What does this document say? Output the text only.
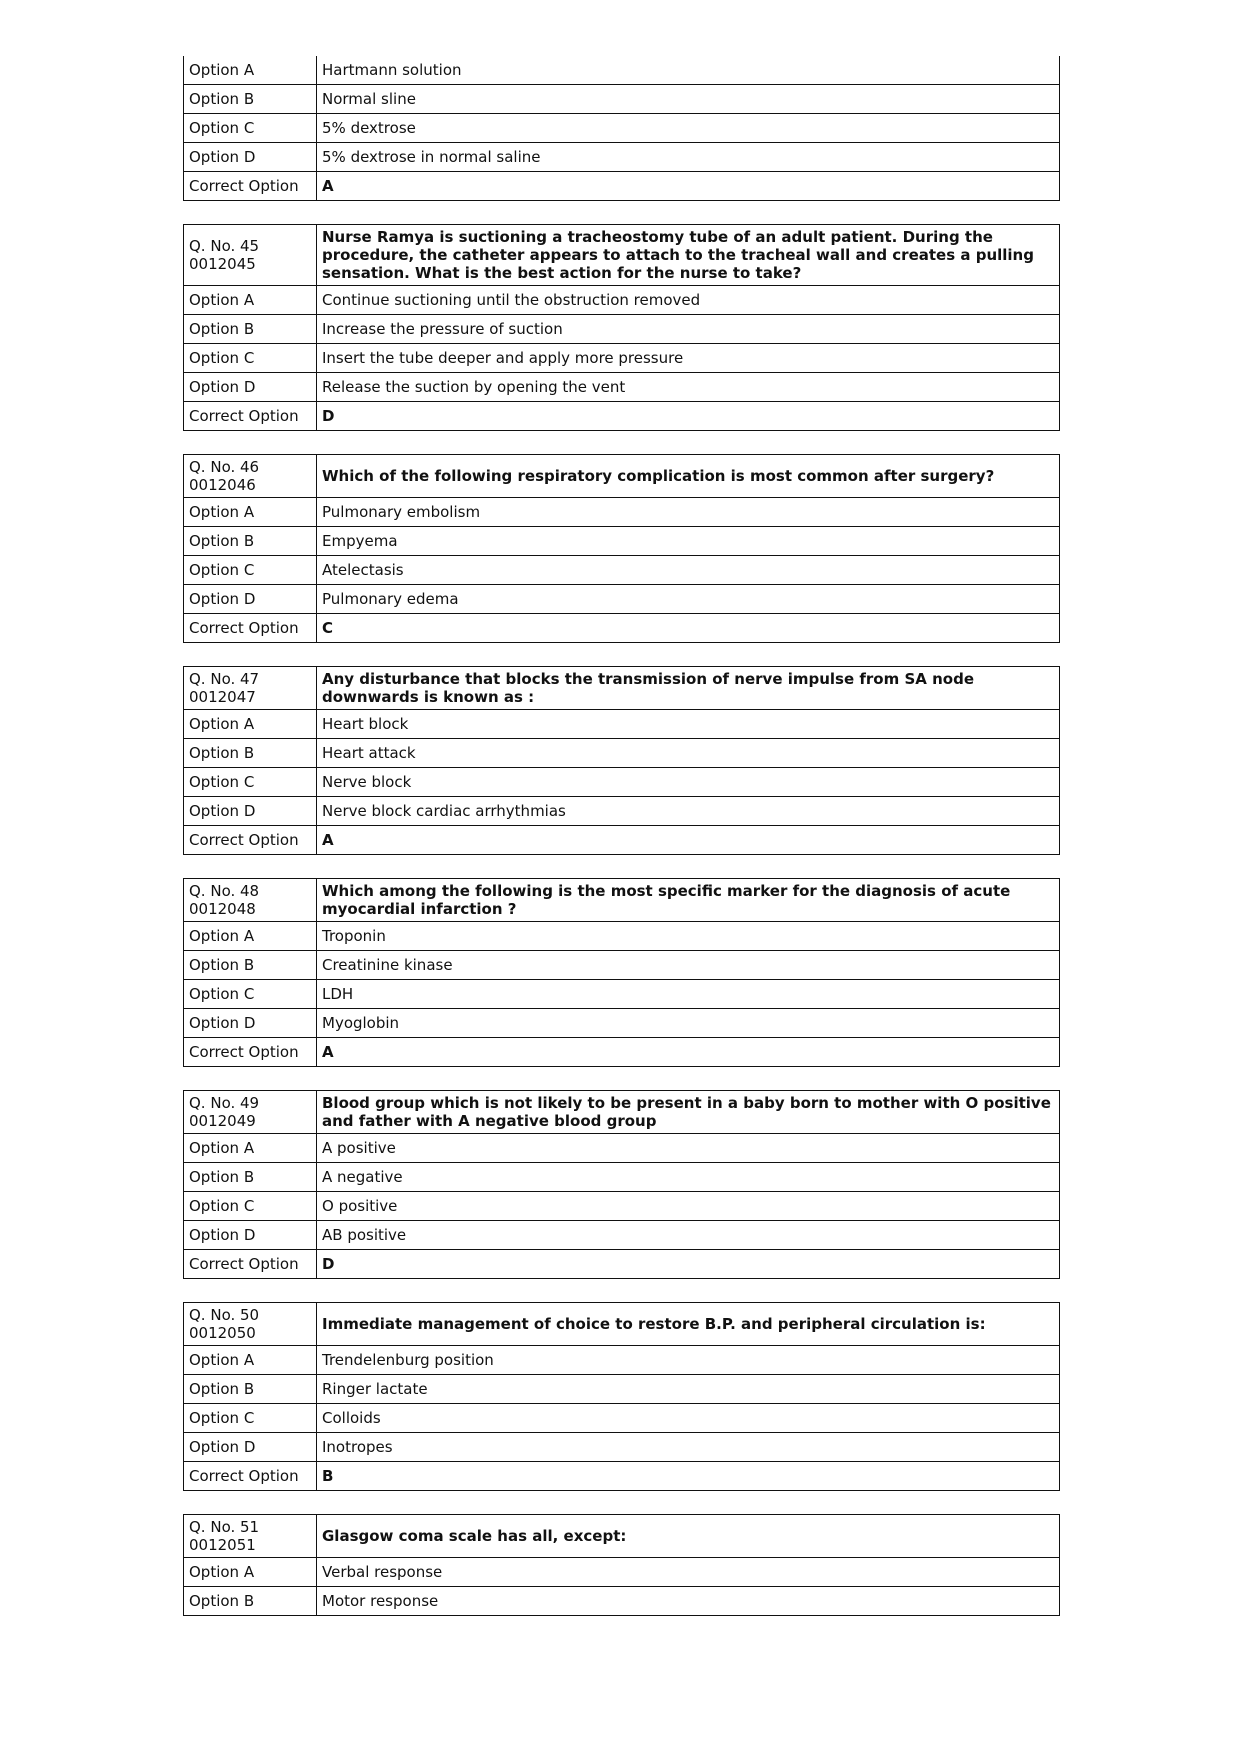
Option A	Hartmann solution
Option B	Normal sline
Option C	5% dextrose
Option D	5% dextrose in normal saline
Correct Option	A
Q. No. 45
0012045	Nurse Ramya is suctioning a tracheostomy tube of an adult patient. During the procedure, the catheter appears to attach to the tracheal wall and creates a pulling sensation. What is the best action for the nurse to take?
Option A	Continue suctioning until the obstruction removed
Option B	Increase the pressure of suction
Option C	Insert the tube deeper and apply more pressure
Option D	Release the suction by opening the vent
Correct Option	D
Q. No. 46
0012046	Which of the following respiratory complication is most common after surgery?
Option A	Pulmonary embolism
Option B	Empyema
Option C	Atelectasis
Option D	Pulmonary edema
Correct Option	C
Q. No. 47
0012047	Any disturbance that blocks the transmission of nerve impulse from SA node downwards is known as :
Option A	Heart block
Option B	Heart attack
Option C	Nerve block
Option D	Nerve block cardiac arrhythmias
Correct Option	A
Q. No. 48
0012048	Which among the following is the most specific marker for the diagnosis of acute myocardial infarction ?
Option A	Troponin
Option B	Creatinine kinase
Option C	LDH
Option D	Myoglobin
Correct Option	A
Q. No. 49
0012049	Blood group which is not likely to be present in a baby born to mother with O positive and father with A negative blood group
Option A	A positive
Option B	A negative
Option C	O positive
Option D	AB positive
Correct Option	D
Q. No. 50
0012050	Immediate management of choice to restore B.P. and peripheral circulation is:
Option A	Trendelenburg position
Option B	Ringer lactate
Option C	Colloids
Option D	Inotropes
Correct Option	B
Q. No. 51
0012051	Glasgow coma scale has all, except:
Option A	Verbal response
Option B	Motor response
